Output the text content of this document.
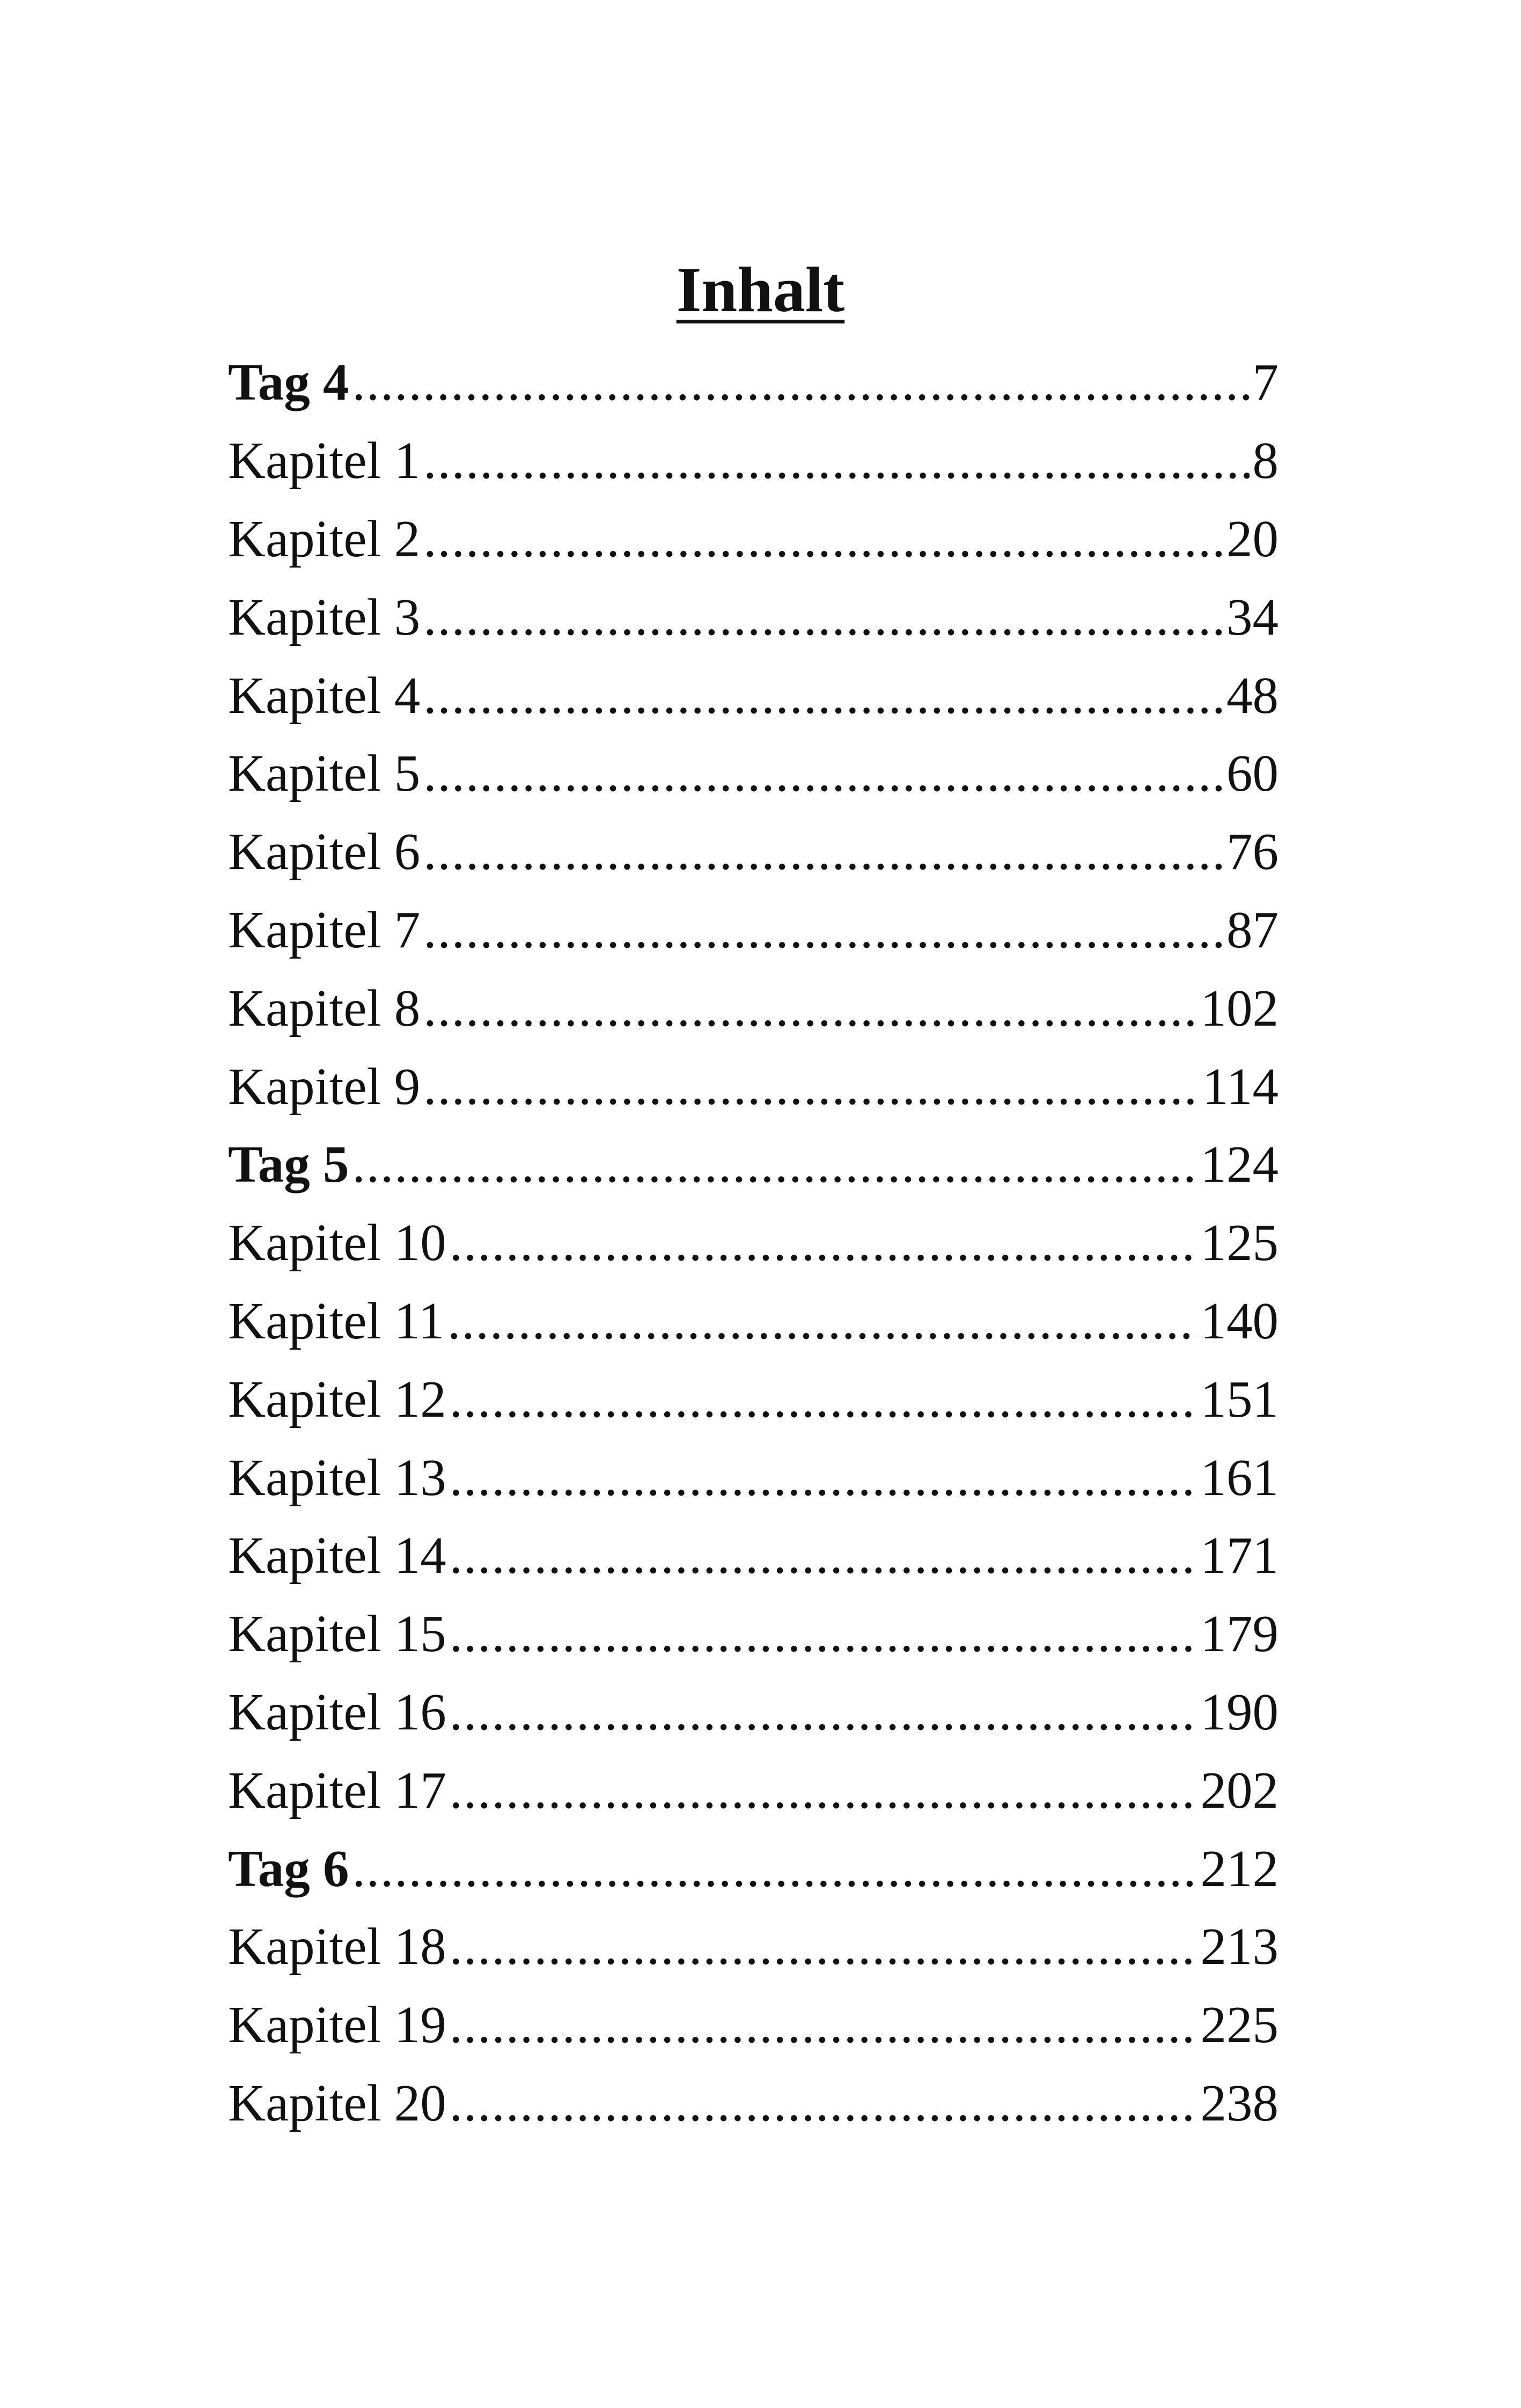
Inhalt
Tag 4 .....	7
Kapitel 1 .....	8
Kapitel 2 .....	20
Kapitel 3 .....	34
Kapitel 4 .....	48
Kapitel 5 .....	60
Kapitel 6 .....	76
Kapitel 7 .....	87
Kapitel 8 .....	102
Kapitel 9 .....	114
Tag 5 .....	124
Kapitel 10 .....	125
Kapitel 11 .....	140
Kapitel 12 .....	151
Kapitel 13 .....	161
Kapitel 14 .....	171
Kapitel 15 .....	179
Kapitel 16 .....	190
Kapitel 17 .....	202
Tag 6 .....	212
Kapitel 18 .....	213
Kapitel 19 .....	225
Kapitel 20 .....	238
